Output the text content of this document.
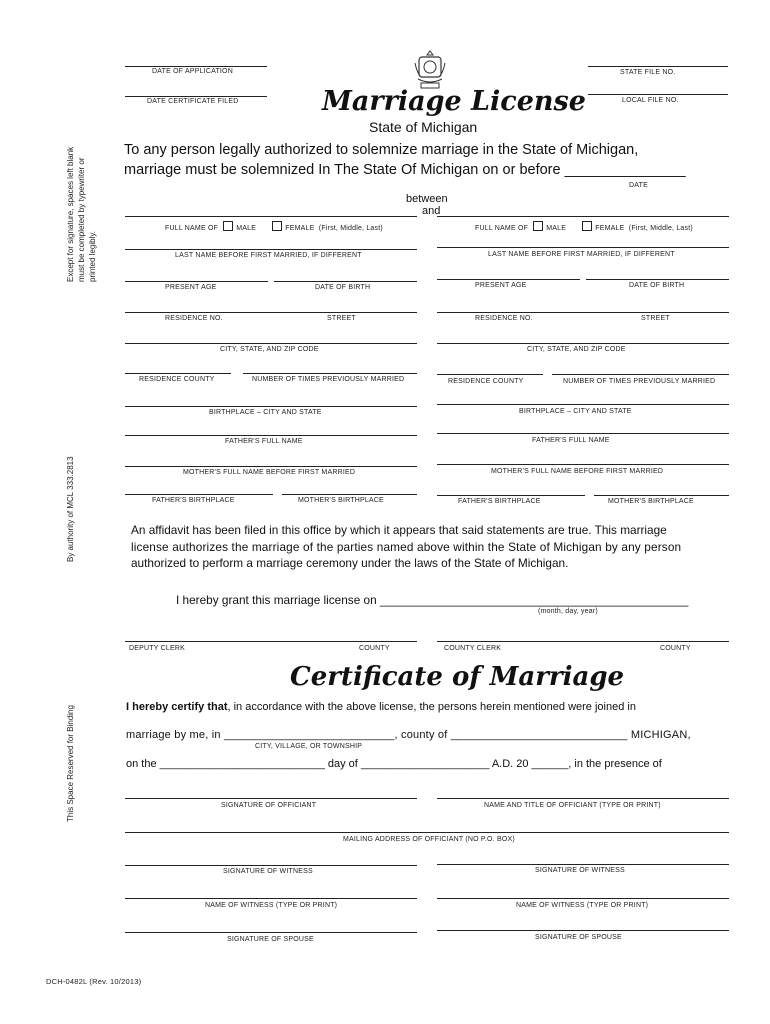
Except for signature, spaces left blank must be completed by typewriter or printed legibly.
By authority of MCL 333.2813
This Space Reserved for Binding
DATE OF APPLICATION
DATE CERTIFICATE FILED
STATE FILE NO.
LOCAL FILE NO.
Marriage License
State of Michigan
To any person legally authorized to solemnize marriage in the State of Michigan,
marriage must be solemnized In The State Of Michigan on or before _______________
DATE
between
and
FULL NAME OF	MALE	FEMALE (First, Middle, Last)
LAST NAME BEFORE FIRST MARRIED, IF DIFFERENT
PRESENT AGE	DATE OF BIRTH
RESIDENCE NO.	STREET
CITY, STATE, AND ZIP CODE
RESIDENCE COUNTY	NUMBER OF TIMES PREVIOUSLY MARRIED
BIRTHPLACE – CITY AND STATE
FATHER'S FULL NAME
MOTHER'S FULL NAME BEFORE FIRST MARRIED
FATHER'S BIRTHPLACE	MOTHER'S BIRTHPLACE
FULL NAME OF	MALE	FEMALE (First, Middle, Last)
LAST NAME BEFORE FIRST MARRIED, IF DIFFERENT
PRESENT AGE	DATE OF BIRTH
RESIDENCE NO.	STREET
CITY, STATE, AND ZIP CODE
RESIDENCE COUNTY	NUMBER OF TIMES PREVIOUSLY MARRIED
BIRTHPLACE – CITY AND STATE
FATHER'S FULL NAME
MOTHER'S FULL NAME BEFORE FIRST MARRIED
FATHER'S BIRTHPLACE	MOTHER'S BIRTHPLACE
An affidavit has been filed in this office by which it appears that said statements are true. This marriage
license authorizes the marriage of the parties named above within the State of Michigan by any person
authorized to perform a marriage ceremony under the laws of the State of Michigan.
I hereby grant this marriage license on _______________________________________________
(month, day, year)
DEPUTY CLERK	COUNTY	COUNTY CLERK	COUNTY
Certificate of Marriage
I hereby certify that, in accordance with the above license, the persons herein mentioned were joined in
marriage by me, in ___________________________, county of ____________________________ MICHIGAN,
CITY, VILLAGE, OR TOWNSHIP
on the ___________________________ day of _____________________ A.D. 20 ______, in the presence of
SIGNATURE OF OFFICIANT	NAME AND TITLE OF OFFICIANT (TYPE OR PRINT)
MAILING ADDRESS OF OFFICIANT (NO P.O. BOX)
SIGNATURE OF WITNESS	SIGNATURE OF WITNESS
NAME OF WITNESS (TYPE OR PRINT)	NAME OF WITNESS (TYPE OR PRINT)
SIGNATURE OF SPOUSE	SIGNATURE OF SPOUSE
DCH-0482L (Rev. 10/2013)
